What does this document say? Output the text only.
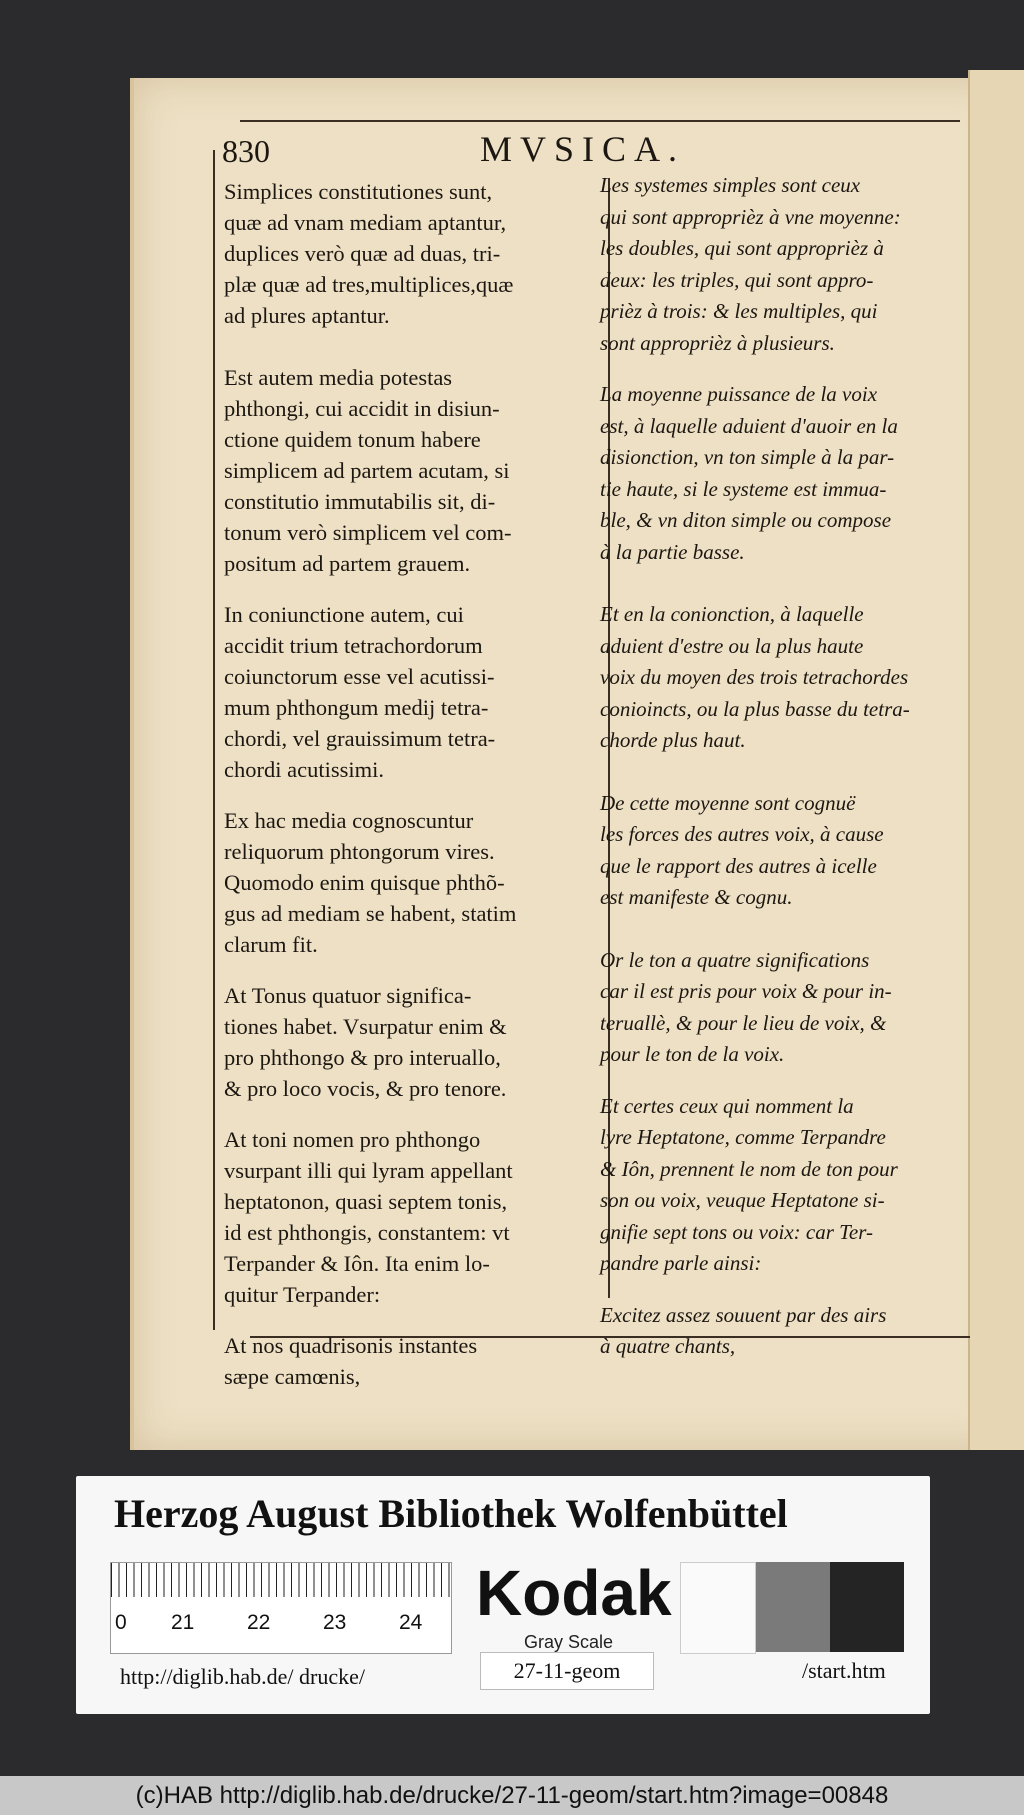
830	MVSICA.
Simplices constitutiones sunt,
quæ ad vnam mediam aptantur,
duplices verò quæ ad duas, tri-
plæ quæ ad tres,multiplices,quæ
ad plures aptantur.
Est autem media potestas
phthongi, cui accidit in disiun-
ctione quidem tonum habere
simplicem ad partem acutam, si
constitutio immutabilis sit, di-
tonum verò simplicem vel com-
positum ad partem grauem.
In coniunctione autem, cui
accidit trium tetrachordorum
coiunctorum esse vel acutissi-
mum phthongum medij tetra-
chordi, vel grauissimum tetra-
chordi acutissimi.
Ex hac media cognoscuntur
reliquorum phtongorum vires.
Quomodo enim quisque phthõ-
gus ad mediam se habent, statim
clarum fit.
At Tonus quatuor significa-
tiones habet. Vsurpatur enim &
pro phthongo & pro interuallo,
& pro loco vocis, & pro tenore.
At toni nomen pro phthongo
vsurpant illi qui lyram appellant
heptatonon, quasi septem tonis,
id est phthongis, constantem: vt
Terpander & Iôn. Ita enim lo-
quitur Terpander:
At nos quadrisonis instantes
sæpe camœnis,
Les systemes simples sont ceux
qui sont approprièz à vne moyenne:
les doubles, qui sont approprièz à
deux: les triples, qui sont appro-
prièz à trois: & les multiples, qui
sont approprièz à plusieurs.
La moyenne puissance de la voix
est, à laquelle aduient d'auoir en la
disionction, vn ton simple à la par-
tie haute, si le systeme est immua-
ble, & vn diton simple ou compose
à la partie basse.
Et en la conionction, à laquelle
aduient d'estre ou la plus haute
voix du moyen des trois tetrachordes
conioincts, ou la plus basse du tetra-
chorde plus haut.
De cette moyenne sont cognuë
les forces des autres voix, à cause
que le rapport des autres à icelle
est manifeste & cognu.
Or le ton a quatre significations
car il est pris pour voix & pour in-
teruallè, & pour le lieu de voix, &
pour le ton de la voix.
Et certes ceux qui nomment la
lyre Heptatone, comme Terpandre
& Iôn, prennent le nom de ton pour
son ou voix, veuque Heptatone si-
gnifie sept tons ou voix: car Ter-
pandre parle ainsi:
Excitez assez souuent par des airs
à quatre chants,
Herzog August Bibliothek Wolfenbüttel
0 21	22	23	24 Kodak
Gray Scale
http://diglib.hab.de/ drucke/	27-11-geom	/start.htm
(c)HAB http://diglib.hab.de/drucke/27-11-geom/start.htm?image=00848
